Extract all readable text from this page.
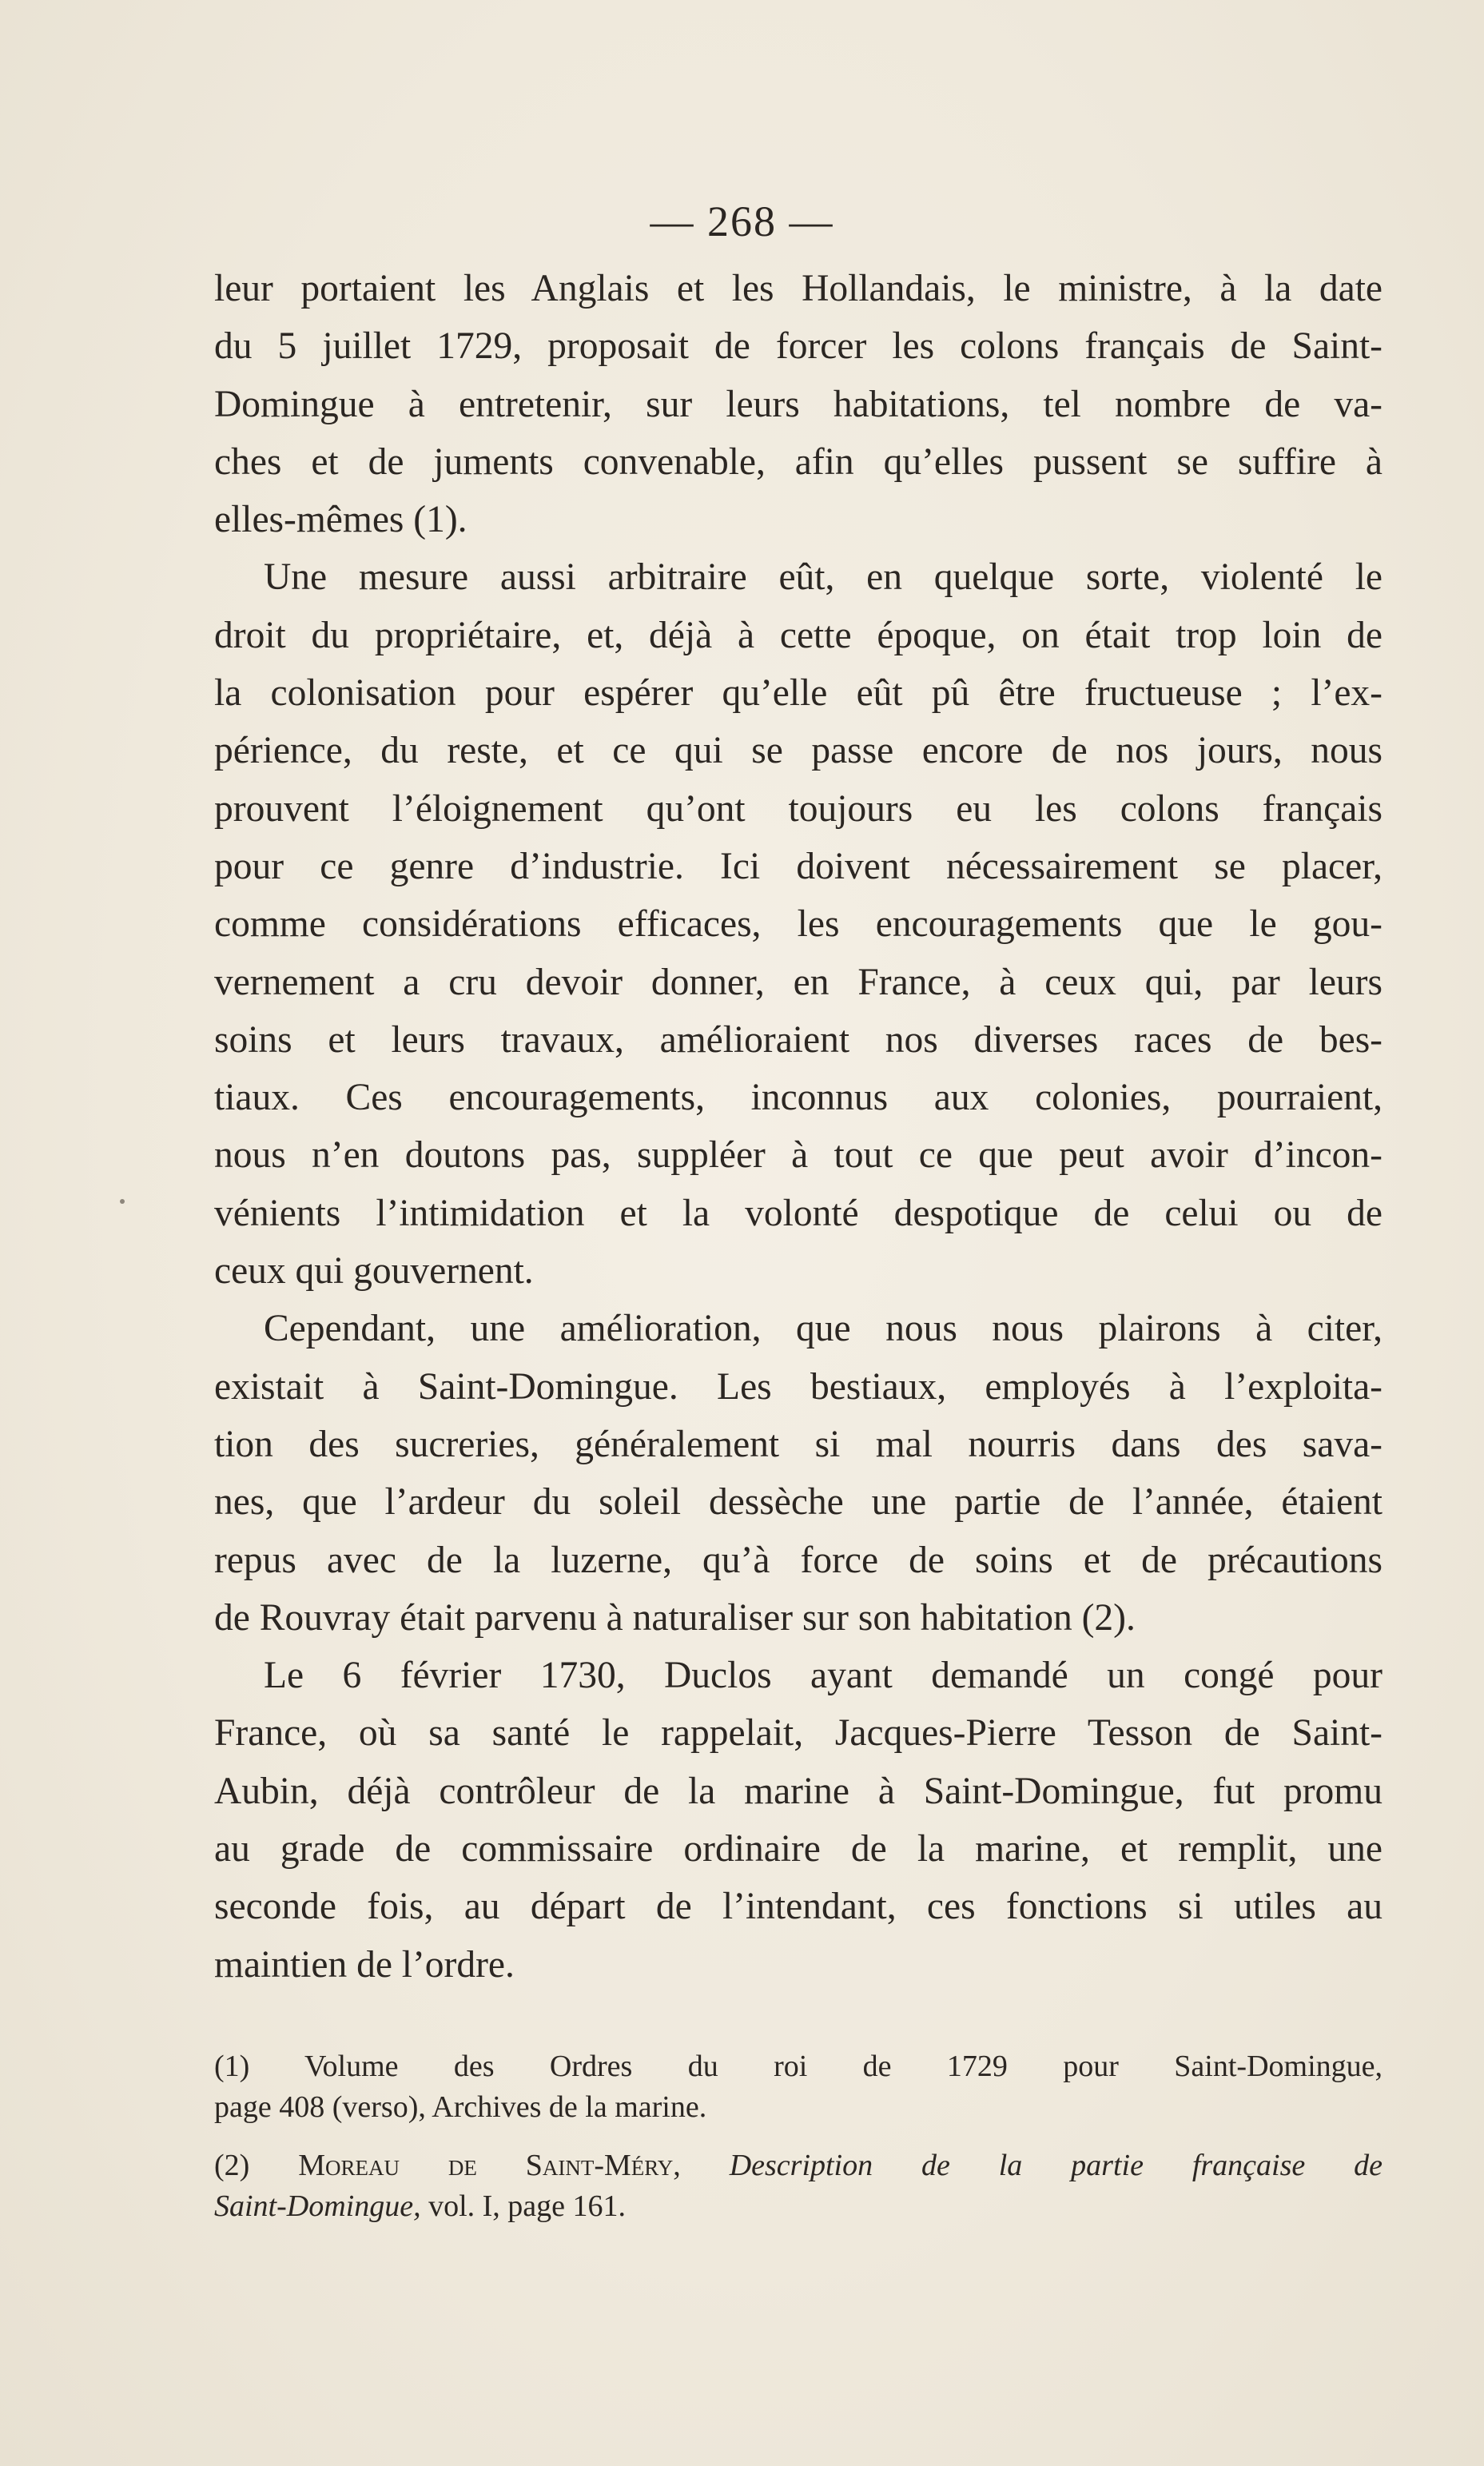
— 268 —
leur portaient les Anglais et les Hollandais, le ministre, à la date
du 5 juillet 1729, proposait de forcer les colons français de Saint-
Domingue à entretenir, sur leurs habitations, tel nombre de va-
ches et de juments convenable, afin qu’elles pussent se suffire à
elles-mêmes (1).
Une mesure aussi arbitraire eût, en quelque sorte, violenté le
droit du propriétaire, et, déjà à cette époque, on était trop loin de
la colonisation pour espérer qu’elle eût pû être fructueuse ; l’ex-
périence, du reste, et ce qui se passe encore de nos jours, nous
prouvent l’éloignement qu’ont toujours eu les colons français
pour ce genre d’industrie. Ici doivent nécessairement se placer,
comme considérations efficaces, les encouragements que le gou-
vernement a cru devoir donner, en France, à ceux qui, par leurs
soins et leurs travaux, amélioraient nos diverses races de bes-
tiaux. Ces encouragements, inconnus aux colonies, pourraient,
nous n’en doutons pas, suppléer à tout ce que peut avoir d’incon-
vénients l’intimidation et la volonté despotique de celui ou de
ceux qui gouvernent.
Cependant, une amélioration, que nous nous plairons à citer,
existait à Saint-Domingue. Les bestiaux, employés à l’exploita-
tion des sucreries, généralement si mal nourris dans des sava-
nes, que l’ardeur du soleil dessèche une partie de l’année, étaient
repus avec de la luzerne, qu’à force de soins et de précautions
de Rouvray était parvenu à naturaliser sur son habitation (2).
Le 6 février 1730, Duclos ayant demandé un congé pour
France, où sa santé le rappelait, Jacques-Pierre Tesson de Saint-
Aubin, déjà contrôleur de la marine à Saint-Domingue, fut promu
au grade de commissaire ordinaire de la marine, et remplit, une
seconde fois, au départ de l’intendant, ces fonctions si utiles au
maintien de l’ordre.
(1) Volume des Ordres du roi de 1729 pour Saint-Domingue,
page 408 (verso), Archives de la marine.
(2) Moreau de Saint-Méry, Description de la partie française de
Saint-Domingue, vol. I, page 161.
